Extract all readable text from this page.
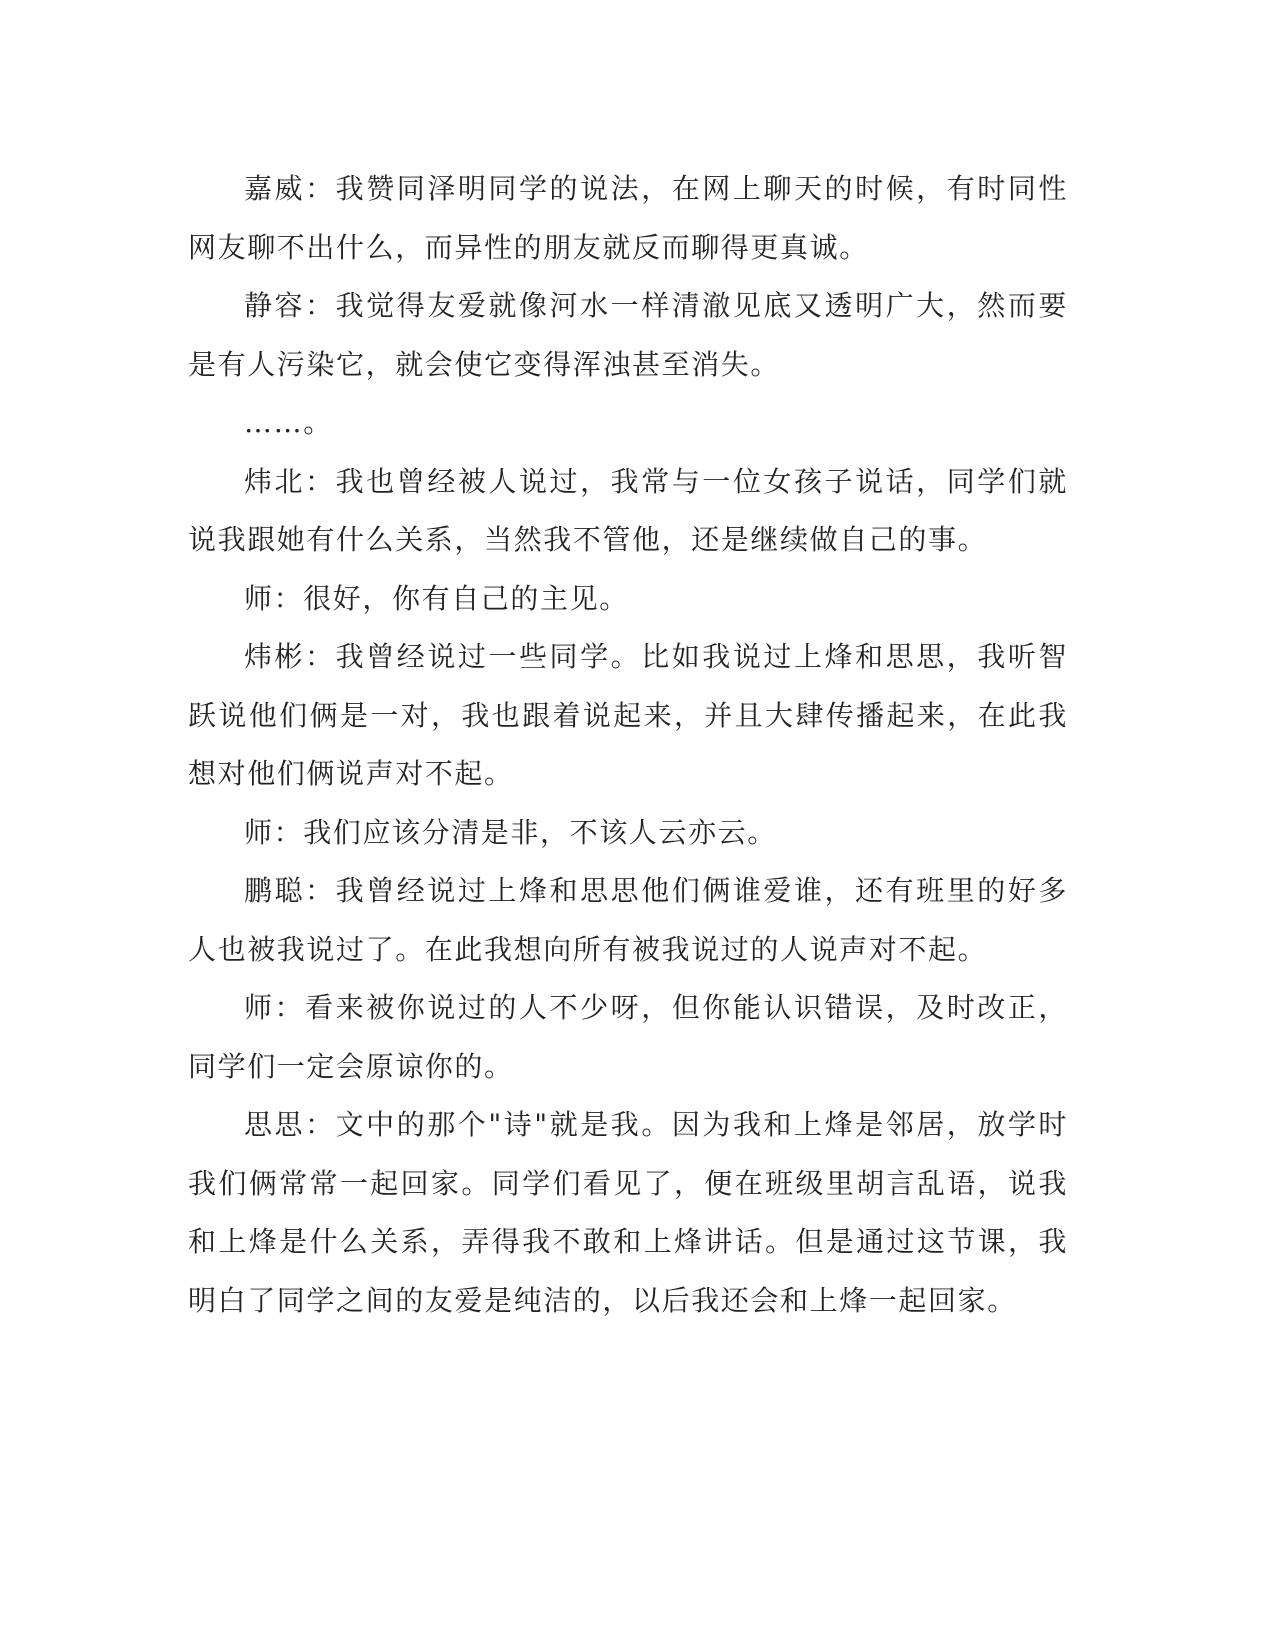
嘉威：我赞同泽明同学的说法，在网上聊天的时候，有时同性网友聊不出什么，而异性的朋友就反而聊得更真诚。

静容：我觉得友爱就像河水一样清澈见底又透明广大，然而要是有人污染它，就会使它变得浑浊甚至消失。

……。

炜北：我也曾经被人说过，我常与一位女孩子说话，同学们就说我跟她有什么关系，当然我不管他，还是继续做自己的事。

师：很好，你有自己的主见。

炜彬：我曾经说过一些同学。比如我说过上烽和思思，我听智跃说他们俩是一对，我也跟着说起来，并且大肆传播起来，在此我想对他们俩说声对不起。

师：我们应该分清是非，不该人云亦云。

鹏聪：我曾经说过上烽和思思他们俩谁爱谁，还有班里的好多人也被我说过了。在此我想向所有被我说过的人说声对不起。

师：看来被你说过的人不少呀，但你能认识错误，及时改正，同学们一定会原谅你的。

思思：文中的那个"诗"就是我。因为我和上烽是邻居，放学时我们俩常常一起回家。同学们看见了，便在班级里胡言乱语，说我和上烽是什么关系，弄得我不敢和上烽讲话。但是通过这节课，我明白了同学之间的友爱是纯洁的，以后我还会和上烽一起回家。
